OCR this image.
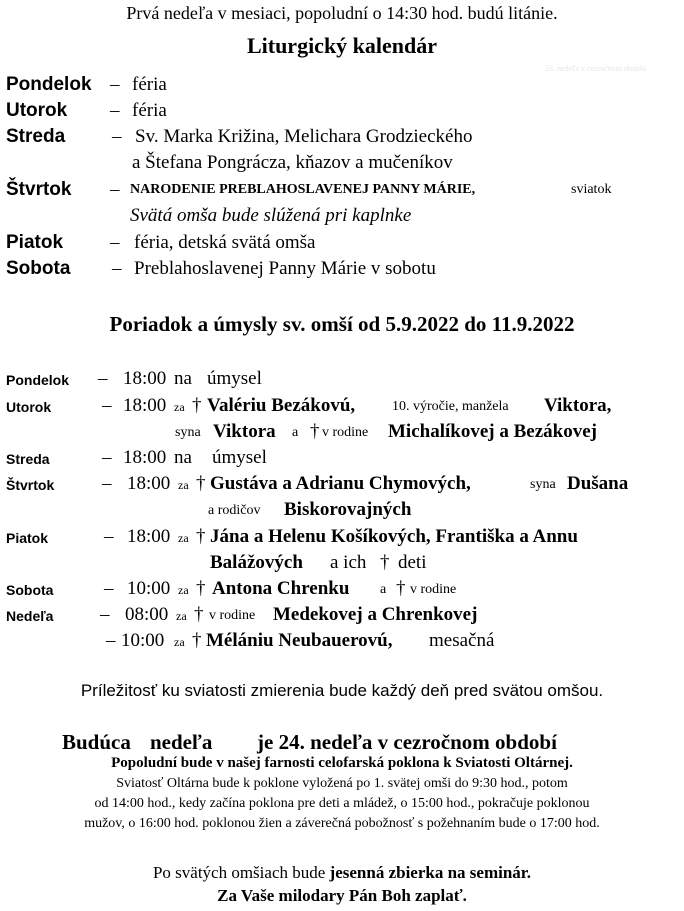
Prvá nedeľa v mesiaci, popoludní o 14:30 hod. budú litánie.
Liturgický kalendár
23. nedeľa v cezročnom období
Pondelok – féria
Utorok – féria
Streda – Sv. Marka Križina, Melichara Grodzieckého
a Štefana Pongrácza, kňazov a mučeníkov
Štvrtok – NARODENIE PREBLAHOSLAVENEJ PANNY MÁRIE,	sviatok
Svätá omša bude slúžená pri kaplnke
Piatok – féria, detská svätá omša
Sobota – Preblahoslavenej Panny Márie v sobotu
Poriadok a úmysly sv. omší od 5.9.2022 do 11.9.2022
Pondelok – 18:00 na úmysel
Utorok	– 18:00 za † Valériu Bezákovú,	10. výročie, manžela Viktora,
syna Viktora a † v rodine Michalíkovej a Bezákovej
Streda	– 18:00 na úmysel
Štvrtok	– 18:00 za † Gustáva a Adrianu Chymových,	syna Dušana
a rodičov Biskorovajných
Piatok	– 18:00 za † Jána a Helenu Košíkových, Františka a Annu
Balážových a ich † deti
Sobota	– 10:00 za † Antona Chrenku a † v rodine
Nedeľa – 08:00 za † v rodine Medekovej a Chrenkovej
– 10:00 za † Mélániu Neubauerovú, mesačná
Príležitosť ku sviatosti zmierenia bude každý deň pred svätou omšou.
Budúca nedeľa je 24. nedeľa v cezročnom období
Popoludní bude v našej farnosti celofarská poklona k Sviatosti Oltárnej.
Sviatosť Oltárna bude k poklone vyložená po 1. svätej omši do 9:30 hod., potom
od 14:00 hod., kedy začína poklona pre deti a mládež, o 15:00 hod., pokračuje poklonou
mužov, o 16:00 hod. poklonou žien a záverečná pobožnosť s požehnaním bude o 17:00 hod.
Po svätých omšiach bude jesenná zbierka na seminár.
Za Vaše milodary Pán Boh zaplať.
